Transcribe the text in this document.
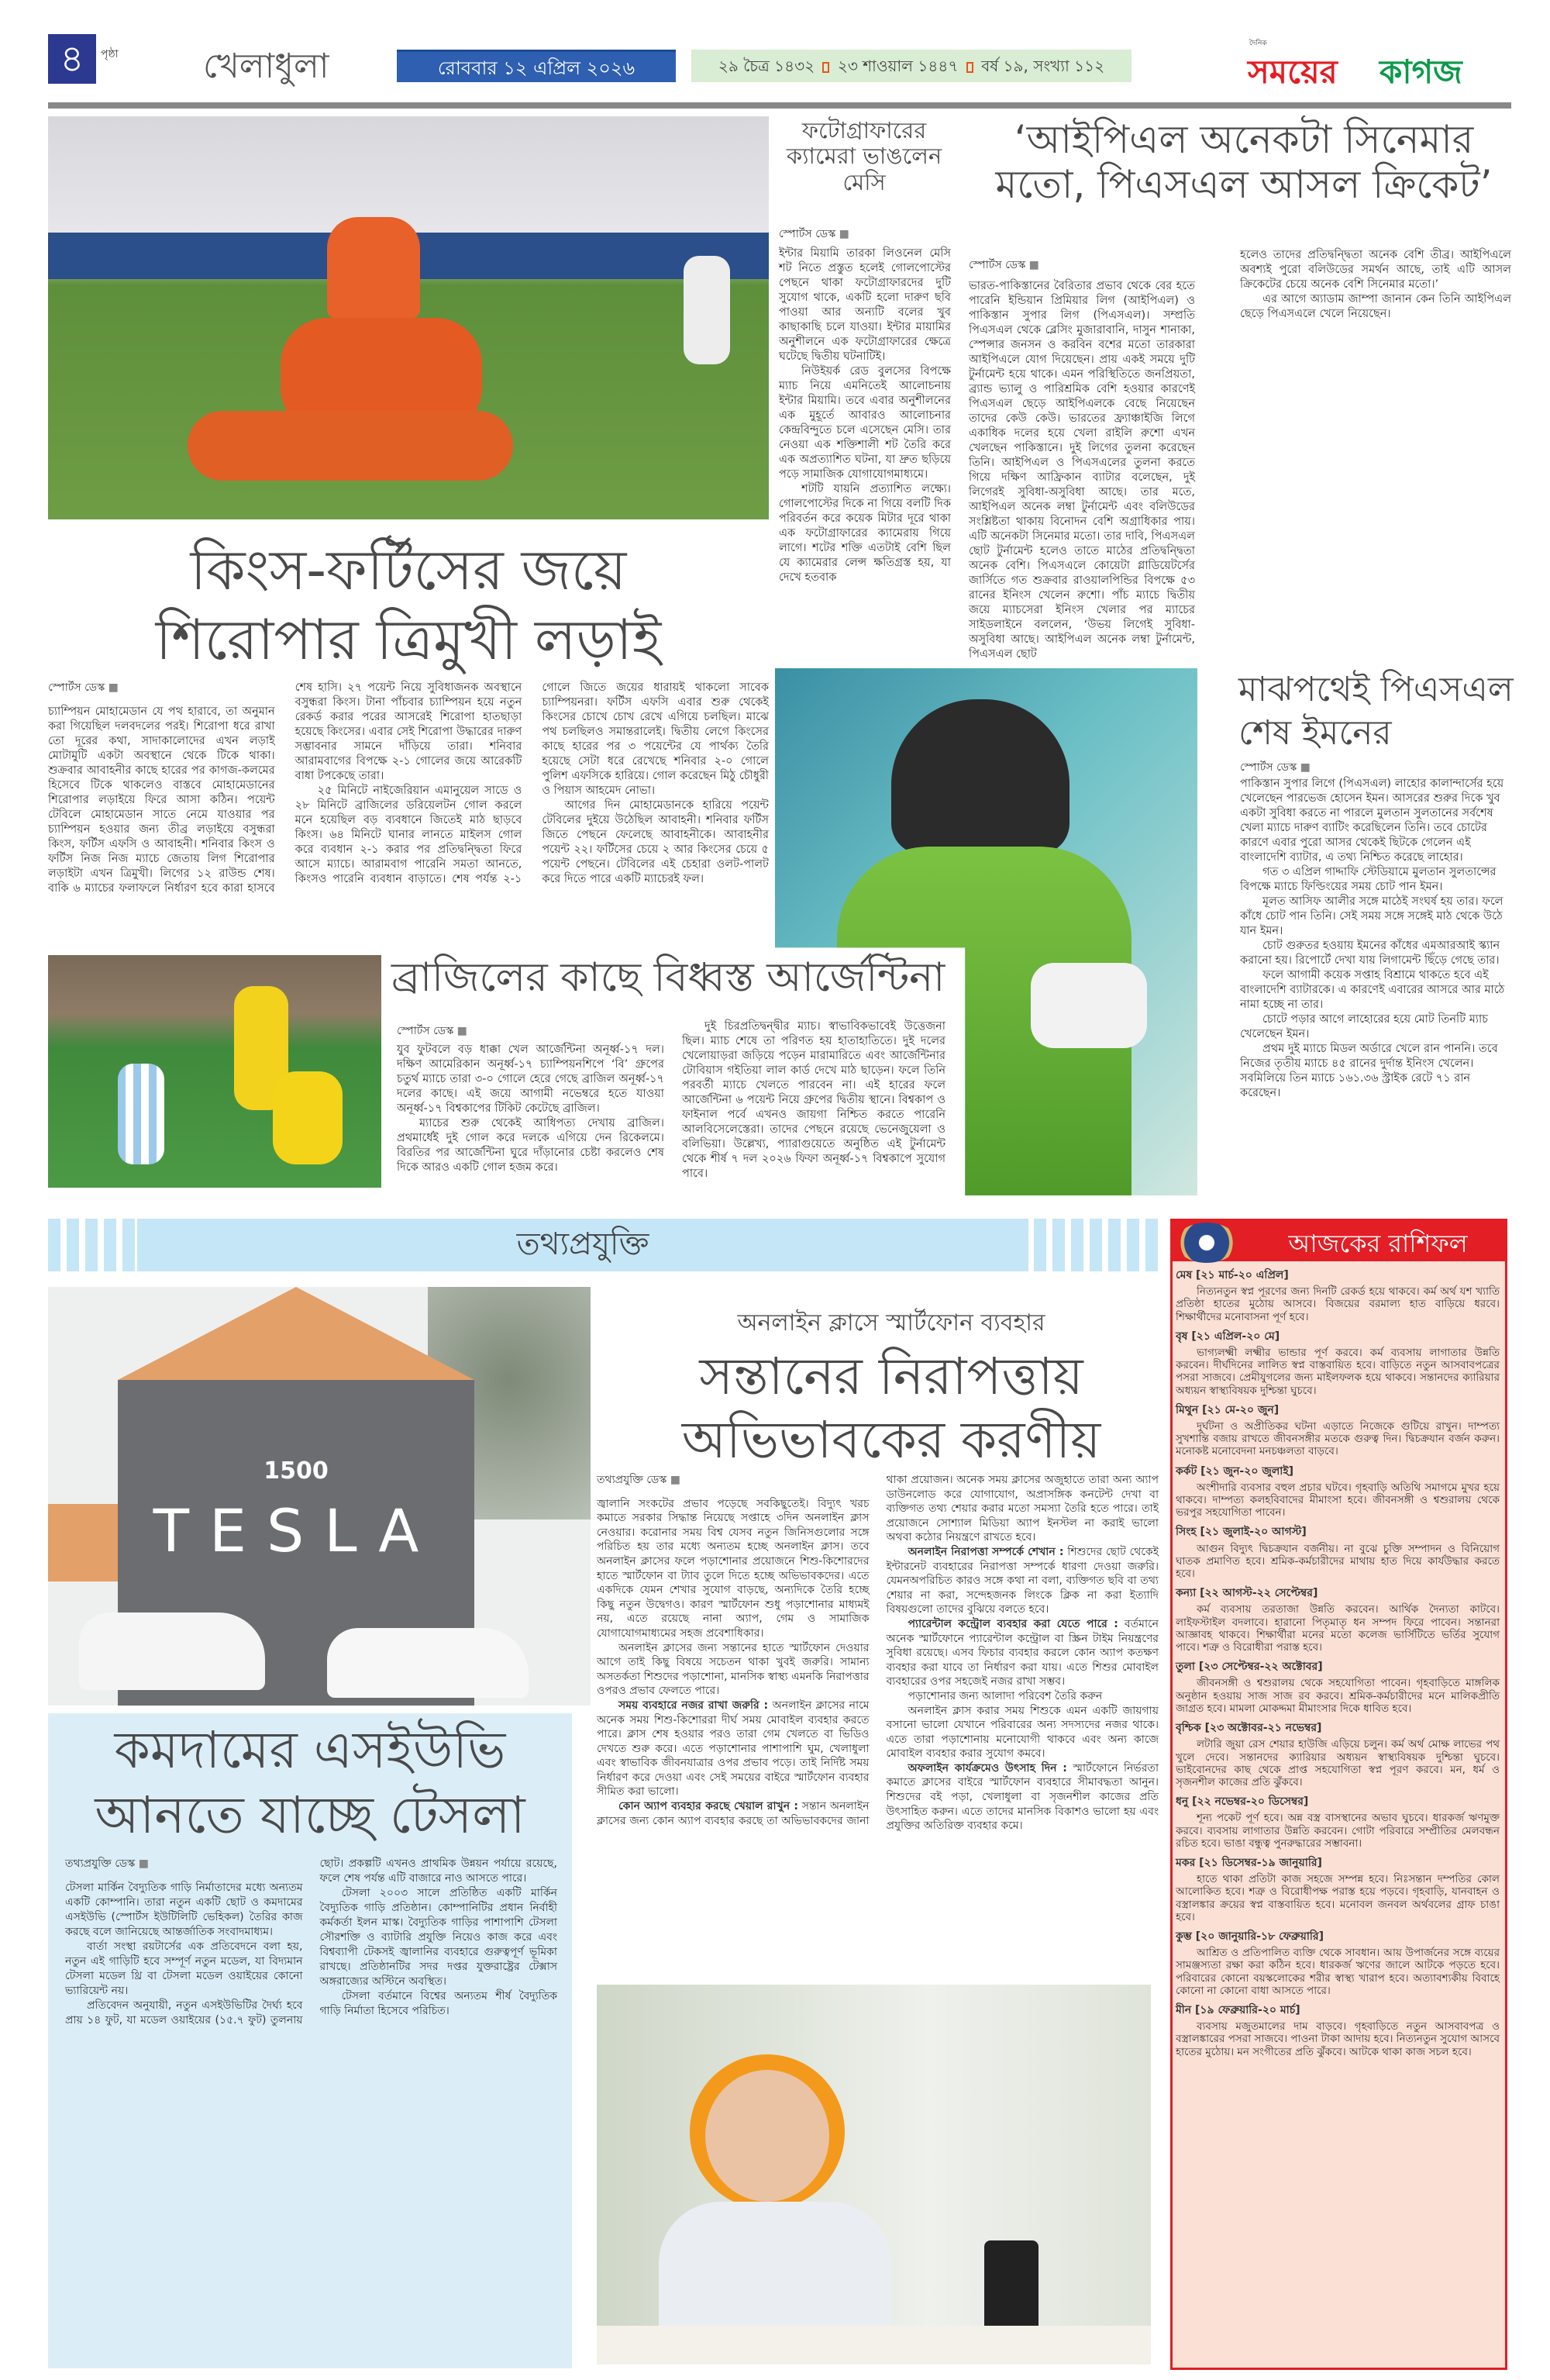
৪	পৃষ্ঠা খেলাধুলা	রোববার ১২ এপ্রিল ২০২৬	২৯ চৈত্র ১৪৩২ ২৩ শাওয়াল ১৪৪৭ বর্ষ ১৯, সংখ্যা ১১২
দৈনিক
সময়ের কাগজ
ফটোগ্রাফারের ক্যামেরা ভাঙলেন মেসি
স্পোর্টস ডেস্ক ■

ইন্টার মিয়ামি তারকা লিওনেল মেসি শট নিতে প্রস্তুত হলেই গোলপোস্টের পেছনে থাকা ফটোগ্রাফারদের দুটি সুযোগ থাকে, একটি হলো দারুণ ছবি পাওয়া আর অন্যটি বলের খুব কাছাকাছি চলে যাওয়া। ইন্টার মায়ামির অনুশীলনে এক ফটোগ্রাফারের ক্ষেত্রে ঘটেছে দ্বিতীয় ঘটনাটিই।

নিউইয়র্ক রেড বুলসের বিপক্ষে ম্যাচ নিয়ে এমনিতেই আলোচনায় ইন্টার মিয়ামি। তবে এবার অনুশীলনের এক মুহূর্তে আবারও আলোচনার কেন্দ্রবিন্দুতে চলে এসেছেন মেসি। তার নেওয়া এক শক্তিশালী শট তৈরি করে এক অপ্রত্যাশিত ঘটনা, যা দ্রুত ছড়িয়ে পড়ে সামাজিক যোগাযোগমাধ্যমে।

শটটি যায়নি প্রত্যাশিত লক্ষ্যে। গোলপোস্টের দিকে না গিয়ে বলটি দিক পরিবর্তন করে কয়েক মিটার দূরে থাকা এক ফটোগ্রাফারের ক্যামেরায় গিয়ে লাগে। শটের শক্তি এতটাই বেশি ছিল যে ক্যামেরার লেন্স ক্ষতিগ্রস্ত হয়, যা দেখে হতবাক

‘আইপিএল অনেকটা সিনেমার মতো, পিএসএল আসল ক্রিকেট’
স্পোর্টস ডেস্ক ■

ভারত-পাকিস্তানের বৈরিতার প্রভাব থেকে বের হতে পারেনি ইন্ডিয়ান প্রিমিয়ার লিগ (আইপিএল) ও পাকিস্তান সুপার লিগ (পিএসএল)। সম্প্রতি পিএসএল থেকে ব্লেসিং মুজারাবানি, দাসুন শানাকা, স্পেন্সার জনসন ও করবিন বশের মতো তারকারা আইপিএলে যোগ দিয়েছেন। প্রায় একই সময়ে দুটি টুর্নামেন্ট হয়ে থাকে। এমন পরিস্থিতিতে জনপ্রিয়তা, ব্র্যান্ড ভ্যালু ও পারিশ্রমিক বেশি হওয়ার কারণেই পিএসএল ছেড়ে আইপিএলকে বেছে নিয়েছেন তাদের কেউ কেউ। ভারতের ফ্র্যাঞ্চাইজি লিগে একাধিক দলের হয়ে খেলা রাইলি রুশো এখন খেলছেন পাকিস্তানে। দুই লিগের তুলনা করেছেন তিনি। আইপিএল ও পিএসএলের তুলনা করতে গিয়ে দক্ষিণ আফ্রিকান ব্যাটার বলেছেন, দুই লিগেরই সুবিধা-অসুবিধা আছে। তার মতে, আইপিএল অনেক লম্বা টুর্নামেন্ট এবং বলিউডের সংশ্লিষ্টতা থাকায় বিনোদন বেশি অগ্রাধিকার পায়। এটি অনেকটা সিনেমার মতো। তার দাবি, পিএসএল ছোট টুর্নামেন্ট হলেও তাতে মাঠের প্রতিদ্বন্দ্বিতা অনেক বেশি। পিএসএলে কোয়েটা গ্লাডিয়েটর্সের জার্সিতে গত শুক্রবার রাওয়ালপিন্ডির বিপক্ষে ৫৩ রানের ইনিংস খেলেন রুশো। পাঁচ ম্যাচে দ্বিতীয় জয়ে ম্যাচসেরা ইনিংস খেলার পর ম্যাচের সাইডলাইনে বললেন, ‘উভয় লিগেই সুবিধা-অসুবিধা আছে। আইপিএল অনেক লম্বা টুর্নামেন্ট, পিএসএল ছোট

হলেও তাদের প্রতিদ্বন্দ্বিতা অনেক বেশি তীব্র। আইপিএলে অবশ্যই পুরো বলিউডের সমর্থন আছে, তাই এটি আসল ক্রিকেটের চেয়ে অনেক বেশি সিনেমার মতো।’

এর আগে অ্যাডাম জাম্পা জানান কেন তিনি আইপিএল ছেড়ে পিএসএলে খেলে নিয়েছেন।

কিংস-ফর্টিসের জয়ে
শিরোপার ত্রিমুখী লড়াই
স্পোর্টস ডেস্ক ■

চ্যাম্পিয়ন মোহামেডান যে পথ হারাবে, তা অনুমান করা গিয়েছিল দলবদলের পরই। শিরোপা ধরে রাখা তো দূরের কথা, সাদাকালোদের এখন লড়াই মোটামুটি একটা অবস্থানে থেকে টিকে থাকা। শুক্রবার আবাহনীর কাছে হারের পর কাগজ-কলমের হিসেবে টিকে থাকলেও বাস্তবে মোহামেডানের শিরোপার লড়াইয়ে ফিরে আসা কঠিন। পয়েন্ট টেবিলে মোহামেডান সাতে নেমে যাওয়ার পর চ্যাম্পিয়ন হওয়ার জন্য তীব্র লড়াইয়ে বসুন্ধরা কিংস, ফর্টিস এফসি ও আবাহনী। শনিবার কিংস ও ফর্টিস নিজ নিজ ম্যাচে জেতায় লিগ শিরোপার লড়াইটা এখন ত্রিমুখী। লিগের ১২ রাউন্ড শেষ। বাকি ৬ ম্যাচের ফলাফলে নির্ধারণ হবে কারা হাসবে শেষ হাসি। ২৭ পয়েন্ট নিয়ে সুবিধাজনক অবস্থানে বসুন্ধরা কিংস। টানা পাঁচবার চ্যাম্পিয়ন হয়ে নতুন রেকর্ড করার পরের আসরেই শিরোপা হাতছাড়া হয়েছে কিংসের। এবার সেই শিরোপা উদ্ধারের দারুণ সম্ভাবনার সামনে দাঁড়িয়ে তারা। শনিবার আরামবাগের বিপক্ষে ২-১ গোলের জয়ে আরেকটি বাধা টপকেছে তারা।

২৫ মিনিটে নাইজেরিয়ান এমানুয়েল সাডে ও ২৮ মিনিটে ব্রাজিলের ডরিয়েলটন গোল করলে মনে হয়েছিল বড় ব্যবধানে জিতেই মাঠ ছাড়বে কিংস। ৬৪ মিনিটে ঘানার লানতে মাইলস গোল করে ব্যবধান ২-১ করার পর প্রতিদ্বন্দ্বিতা ফিরে আসে ম্যাচে। আরামবাগ পারেনি সমতা আনতে, কিংসও পারেনি ব্যবধান বাড়াতে। শেষ পর্যন্ত ২-১ গোলে জিতে জয়ের ধারায়ই থাকলো সাবেক চ্যাম্পিয়নরা। ফর্টিস এফসি এবার শুরু থেকেই কিংসের চোখে চোখ রেখে এগিয়ে চলছিল। মাঝে পথ চলছিলও সমান্তরালেই। দ্বিতীয় লেগে কিংসের কাছে হারের পর ৩ পয়েন্টের যে পার্থক্য তৈরি হয়েছে সেটা ধরে রেখেছে শনিবার ২-০ গোলে পুলিশ এফসিকে হারিয়ে। গোল করেছেন মিঠু চৌধুরী ও পিয়াস আহমেদ নোভা।

আগের দিন মোহামেডানকে হারিয়ে পয়েন্ট টেবিলের দুইয়ে উঠেছিল আবাহনী। শনিবার ফর্টিস জিতে পেছনে ফেলেছে আবাহনীকে। আবাহনীর পয়েন্ট ২২। ফর্টিসের চেয়ে ২ আর কিংসের চেয়ে ৫ পয়েন্ট পেছনে। টেবিলের এই চেহারা ওলট-পালট করে দিতে পারে একটি ম্যাচেরই ফল।

ব্রাজিলের কাছে বিধ্বস্ত আর্জেন্টিনা
স্পোর্টস ডেস্ক ■

যুব ফুটবলে বড় ধাক্কা খেল আর্জেন্টিনা অনূর্ধ্ব-১৭ দল। দক্ষিণ আমেরিকান অনূর্ধ্ব-১৭ চ্যাম্পিয়নশিপে ‘বি’ গ্রুপের চতুর্থ ম্যাচে তারা ৩-০ গোলে হেরে গেছে ব্রাজিল অনূর্ধ্ব-১৭ দলের কাছে। এই জয়ে আগামী নভেম্বরে হতে যাওয়া অনূর্ধ্ব-১৭ বিশ্বকাপের টিকিট কেটেছে ব্রাজিল।

ম্যাচের শুরু থেকেই আধিপত্য দেখায় ব্রাজিল। প্রথমার্ধেই দুই গোল করে দলকে এগিয়ে দেন রিকেলমে। বিরতির পর আর্জেন্টিনা ঘুরে দাঁড়ানোর চেষ্টা করলেও শেষ দিকে আরও একটি গোল হজম করে।

দুই চিরপ্রতিদ্বন্দ্বীর ম্যাচ। স্বাভাবিকভাবেই উত্তেজনা ছিল। ম্যাচ শেষে তা পরিণত হয় হাতাহাতিতে। দুই দলের খেলোয়াড়রা জড়িয়ে পড়েন মারামারিতে এবং আর্জেন্টিনার টোবিয়াস গইতিয়া লাল কার্ড দেখে মাঠ ছাড়েন। ফলে তিনি পরবর্তী ম্যাচে খেলতে পারবেন না। এই হারের ফলে আর্জেন্টিনা ৬ পয়েন্ট নিয়ে গ্রুপের দ্বিতীয় স্থানে। বিশ্বকাপ ও ফাইনাল পর্বে এখনও জায়গা নিশ্চিত করতে পারেনি আলবিসেলেস্তেরা। তাদের পেছনে রয়েছে ভেনেজুয়েলা ও বলিভিয়া। উল্লেখ্য, প্যারাগুয়েতে অনুষ্ঠিত এই টুর্নামেন্ট থেকে শীর্ষ ৭ দল ২০২৬ ফিফা অনূর্ধ্ব-১৭ বিশ্বকাপে সুযোগ পাবে।

মাঝপথেই পিএসএল শেষ ইমনের
স্পোর্টস ডেস্ক ■

পাকিস্তান সুপার লিগে (পিএসএল) লাহোর কালান্দার্সের হয়ে খেলেছেন পারভেজ হোসেন ইমন। আসরের শুরুর দিকে খুব একটা সুবিধা করতে না পারলে মুলতান সুলতানের সর্বশেষ খেলা ম্যাচে দারুণ ব্যাটিং করেছিলেন তিনি। তবে চোটের কারণে এবার পুরো আসর থেকেই ছিটকে গেলেন এই বাংলাদেশি ব্যাটার, এ তথ্য নিশ্চিত করেছে লাহোর।

গত ৩ এপ্রিল গাদ্দাফি স্টেডিয়ামে মুলতান সুলতান্সের বিপক্ষে ম্যাচে ফিল্ডিংয়ের সময় চোট পান ইমন।

মূলত আসিফ আলীর সঙ্গে মাঠেই সংঘর্ষ হয় তার। ফলে কাঁধে চোট পান তিনি। সেই সময় সঙ্গে সঙ্গেই মাঠ থেকে উঠে যান ইমন।

চোট গুরুতর হওয়ায় ইমনের কাঁধের এমআরআই স্ক্যান করানো হয়। রিপোর্টে দেখা যায় লিগামেন্ট ছিঁড়ে গেছে তার।

ফলে আগামী কয়েক সপ্তাহ বিশ্রামে থাকতে হবে এই বাংলাদেশি ব্যাটারকে। এ কারণেই এবারের আসরে আর মাঠে নামা হচ্ছে না তার।

চোটে পড়ার আগে লাহোরের হয়ে মোট তিনটি ম্যাচ খেলেছেন ইমন।

প্রথম দুই ম্যাচে মিডল অর্ডারে খেলে রান পাননি। তবে নিজের তৃতীয় ম্যাচে ৪৫ রানের দুর্দান্ত ইনিংস খেলেন। সবমিলিয়ে তিন ম্যাচে ১৬১.৩৬ স্ট্রাইক রেটে ৭১ রান করেছেন।

তথ্যপ্রযুক্তি
1500
TESLA
অনলাইন ক্লাসে স্মার্টফোন ব্যবহার
সন্তানের নিরাপত্তায়
অভিভাবকের করণীয়
তথ্যপ্রযুক্তি ডেস্ক ■

জ্বালানি সংকটের প্রভাব পড়েছে সবকিছুতেই। বিদ্যুৎ খরচ কমাতে সরকার সিদ্ধান্ত নিয়েছে সপ্তাহে ৩দিন অনলাইন ক্লাস নেওয়ার। করোনার সময় বিশ্ব যেসব নতুন জিনিসগুলোর সঙ্গে পরিচিত হয় তার মধ্যে অন্যতম হচ্ছে অনলাইন ক্লাস। তবে অনলাইন ক্লাসের ফলে পড়াশোনার প্রয়োজনে শিশু-কিশোরদের হাতে স্মার্টফোন বা ট্যাব তুলে দিতে হচ্ছে অভিভাবকদের। এতে একদিকে যেমন শেখার সুযোগ বাড়ছে, অন্যদিকে তৈরি হচ্ছে কিছু নতুন উদ্বেগও। কারণ স্মার্টফোন শুধু পড়াশোনার মাধ্যমই নয়, এতে রয়েছে নানা অ্যাপ, গেম ও সামাজিক যোগাযোগমাধ্যমের সহজ প্রবেশাধিকার।

অনলাইন ক্লাসের জন্য সন্তানের হাতে স্মার্টফোন দেওয়ার আগে তাই কিছু বিষয়ে সচেতন থাকা খুবই জরুরি। সামান্য অসতর্কতা শিশুদের পড়াশোনা, মানসিক স্বাস্থ্য এমনকি নিরাপত্তার ওপরও প্রভাব ফেলতে পারে।

সময় ব্যবহারে নজর রাখা জরুরি : অনলাইন ক্লাসের নামে অনেক সময় শিশু-কিশোররা দীর্ঘ সময় মোবাইল ব্যবহার করতে পারে। ক্লাস শেষ হওয়ার পরও তারা গেম খেলতে বা ভিডিও দেখতে শুরু করে। এতে পড়াশোনার পাশাপাশি ঘুম, খেলাধুলা এবং স্বাভাবিক জীবনযাত্রার ওপর প্রভাব পড়ে। তাই নির্দিষ্ট সময় নির্ধারণ করে দেওয়া এবং সেই সময়ের বাইরে স্মার্টফোন ব্যবহার সীমিত করা ভালো।

কোন অ্যাপ ব্যবহার করছে খেয়াল রাখুন : সন্তান অনলাইন ক্লাসের জন্য কোন অ্যাপ ব্যবহার করছে তা অভিভাবকদের জানা থাকা প্রয়োজন। অনেক সময় ক্লাসের অজুহাতে তারা অন্য অ্যাপ ডাউনলোড করে যোগাযোগ, অপ্রাসঙ্গিক কনটেন্ট দেখা বা ব্যক্তিগত তথ্য শেয়ার করার মতো সমস্যা তৈরি হতে পারে। তাই প্রয়োজনে সোশ্যাল মিডিয়া অ্যাপ ইনস্টল না করাই ভালো অথবা কঠোর নিয়ন্ত্রণে রাখতে হবে।

অনলাইন নিরাপত্তা সম্পর্কে শেখান : শিশুদের ছোট থেকেই ইন্টারনেট ব্যবহারের নিরাপত্তা সম্পর্কে ধারণা দেওয়া জরুরি। যেমনঅপরিচিত কারও সঙ্গে কথা না বলা, ব্যক্তিগত ছবি বা তথ্য শেয়ার না করা, সন্দেহজনক লিংকে ক্লিক না করা ইত্যাদি বিষয়গুলো তাদের বুঝিয়ে বলতে হবে।

প্যারেন্টাল কন্ট্রোল ব্যবহার করা যেতে পারে : বর্তমানে অনেক স্মার্টফোনে প্যারেন্টাল কন্ট্রোল বা স্ক্রিন টাইম নিয়ন্ত্রণের সুবিধা রয়েছে। এসব ফিচার ব্যবহার করলে কোন অ্যাপ কতক্ষণ ব্যবহার করা যাবে তা নির্ধারণ করা যায়। এতে শিশুর মোবাইল ব্যবহারের ওপর সহজেই নজর রাখা সম্ভব।

পড়াশোনার জন্য আলাদা পরিবেশ তৈরি করুন

অনলাইন ক্লাস করার সময় শিশুকে এমন একটি জায়গায় বসানো ভালো যেখানে পরিবারের অন্য সদস্যদের নজর থাকে। এতে তারা পড়াশোনায় মনোযোগী থাকবে এবং অন্য কাজে মোবাইল ব্যবহার করার সুযোগ কমবে।

অফলাইন কার্যক্রমেও উৎসাহ দিন : স্মার্টফোনে নির্ভরতা কমাতে ক্লাসের বাইরে স্মার্টফোন ব্যবহারে সীমাবদ্ধতা আনুন। শিশুদের বই পড়া, খেলাধুলা বা সৃজনশীল কাজের প্রতি উৎসাহিত করুন। এতে তাদের মানসিক বিকাশও ভালো হয় এবং প্রযুক্তির অতিরিক্ত ব্যবহার কমে।

কমদামের এসইউভি
আনতে যাচ্ছে টেসলা
তথ্যপ্রযুক্তি ডেস্ক ■

টেসলা মার্কিন বৈদ্যুতিক গাড়ি নির্মাতাদের মধ্যে অন্যতম একটি কোম্পানি। তারা নতুন একটি ছোট ও কমদামের এসইউভি (স্পোর্টস ইউটিলিটি ভেহিকল) তৈরির কাজ করছে বলে জানিয়েছে আন্তর্জাতিক সংবাদমাধ্যম।

বার্তা সংস্থা রয়টার্সের এক প্রতিবেদনে বলা হয়, নতুন এই গাড়িটি হবে সম্পূর্ণ নতুন মডেল, যা বিদ্যমান টেসলা মডেল থ্রি বা টেসলা মডেল ওয়াইয়ের কোনো ভ্যারিয়েন্ট নয়।

প্রতিবেদন অনুযায়ী, নতুন এসইউভিটির দৈর্ঘ্য হবে প্রায় ১৪ ফুট, যা মডেল ওয়াইয়ের (১৫.৭ ফুট) তুলনায় ছোট। প্রকল্পটি এখনও প্রাথমিক উন্নয়ন পর্যায়ে রয়েছে, ফলে শেষ পর্যন্ত এটি বাজারে নাও আসতে পারে।

টেসলা ২০০৩ সালে প্রতিষ্ঠিত একটি মার্কিন বৈদ্যুতিক গাড়ি প্রতিষ্ঠান। কোম্পানিটির প্রধান নির্বাহী কর্মকর্তা ইলন মাস্ক। বৈদ্যুতিক গাড়ির পাশাপাশি টেসলা সৌরশক্তি ও ব্যাটারি প্রযুক্তি নিয়েও কাজ করে এবং বিশ্বব্যাপী টেকসই জ্বালানির ব্যবহারে গুরুত্বপূর্ণ ভূমিকা রাখছে। প্রতিষ্ঠানটির সদর দপ্তর যুক্তরাষ্ট্রের টেক্সাস অঙ্গরাজ্যের অস্টিনে অবস্থিত।

টেসলা বর্তমানে বিশ্বের অন্যতম শীর্ষ বৈদ্যুতিক গাড়ি নির্মাতা হিসেবে পরিচিত।

আজকের রাশিফল
মেষ [২১ মার্চ-২০ এপ্রিল]
নিত্যনতুন স্বপ্ন পূরণের জন্য দিনটি রেকর্ড হয়ে থাকবে। কর্ম অর্থ যশ খ্যাতি প্রতিষ্ঠা হাতের মুঠোয় আসবে। বিজয়ের বরমাল্য হাত বাড়িয়ে ধরবে। শিক্ষার্থীদের মনোবাসনা পূর্ণ হবে।
বৃষ [২১ এপ্রিল-২০ মে]
ভাগ্যলক্ষ্মী লক্ষ্মীর ভান্ডার পূর্ণ করবে। কর্ম ব্যবসায় লাগাতার উন্নতি করবেন। দীর্ঘদিনের লালিত স্বপ্ন বাস্তবায়িত হবে। বাড়িতে নতুন আসবাবপত্রের পসরা সাজবে। প্রেমীযুগলের জন্য মাইলফলক হয়ে থাকবে। সন্তানদের ক্যারিয়ার অধ্যয়ন স্বাস্থ্যবিষয়ক দুশ্চিন্তা ঘুচবে।
মিথুন [২১ মে-২০ জুন]
দুর্ঘটনা ও অপ্রীতিকর ঘটনা এড়াতে নিজেকে গুটিয়ে রাখুন। দাম্পত্য সুখশান্তি বজায় রাখতে জীবনসঙ্গীর মতকে গুরুত্ব দিন। দ্বিচক্রযান বর্জন করুন। মনোকষ্ট মনোবেদনা মনচঞ্চলতা বাড়বে।
কর্কট [২১ জুন-২০ জুলাই]
অংশীদারি ব্যবসার বহুল প্রচার ঘটবে। গৃহবাড়ি অতিথি সমাগমে মুখর হয়ে থাকবে। দাম্পত্য কলহবিবাদের মীমাংসা হবে। জীবনসঙ্গী ও শ্বশুরালয় থেকে ভরপুর সহযোগিতা পাবেন।
সিংহ [২১ জুলাই-২০ আগস্ট]
আগুন বিদ্যুৎ দ্বিচক্রযান বর্জনীয়। না বুঝে চুক্তি সম্পাদন ও বিনিয়োগ ঘাতক প্রমাণিত হবে। শ্রমিক-কর্মচারীদের মাথায় হাত দিয়ে কার্যউদ্ধার করতে হবে।
কন্যা [২২ আগস্ট-২২ সেপ্টেম্বর]
কর্ম ব্যবসায় তরতাজা উন্নতি করবেন। আর্থিক দৈন্যতা কাটবে। লাইফস্টাইল বদলাবে। হারানো পিতৃমাতৃ ধন সম্পদ ফিরে পাবেন। সন্তানরা আজ্ঞাবহ থাকবে। শিক্ষার্থীরা মনের মতো কলেজ ভার্সিটিতে ভর্তির সুযোগ পাবে। শত্রু ও বিরোধীরা পরাস্ত হবে।
তুলা [২৩ সেপ্টেম্বর-২২ অক্টোবর]
জীবনসঙ্গী ও শ্বশুরালয় থেকে সহযোগিতা পাবেন। গৃহবাড়িতে মাঙ্গলিক অনুষ্ঠান হওয়ায় সাজ সাজ রব করবে। শ্রমিক-কর্মচারীদের মনে মালিকপ্রীতি জাগ্রত হবে। মামলা মোকদ্দমা মীমাংসার দিকে ধাবিত হবে।
বৃশ্চিক [২৩ অক্টোবর-২১ নভেম্বর]
লটারি জুয়া রেস শেয়ার হাউজি এড়িয়ে চলুন। কর্ম অর্থ মোক্ষ লাভের পথ খুলে দেবে। সন্তানদের ক্যারিয়ার অধ্যয়ন স্বাস্থ্যবিষয়ক দুশ্চিন্তা ঘুচবে। ভাইবোনদের কাছ থেকে প্রাপ্ত সহযোগিতা স্বপ্ন পূরণ করবে। মন, ধর্ম ও সৃজনশীল কাজের প্রতি ঝুঁকবে।
ধনু [২২ নভেম্বর-২০ ডিসেম্বর]
শূন্য পকেট পূর্ণ হবে। অন্ন বস্ত্র বাসস্থানের অভাব ঘুচবে। ধারকর্জ ঋণমুক্ত করবে। ব্যবসায় লাগাতার উন্নতি করবেন। গোটা পরিবারে সম্প্রীতির মেলবন্ধন রচিত হবে। ভাঙা বন্ধুত্ব পুনরুদ্ধারের সম্ভাবনা।
মকর [২১ ডিসেম্বর-১৯ জানুয়ারি]
হাতে থাকা প্রতিটা কাজ সহজে সম্পন্ন হবে। নিঃসন্তান দম্পতির কোল আলোকিত হবে। শত্রু ও বিরোধীপক্ষ পরাস্ত হয়ে পড়বে। গৃহবাড়ি, যানবাহন ও বস্ত্রালঙ্কার ক্রয়ের স্বপ্ন বাস্তবায়িত হবে। মনোবল জনবল অর্থবলের গ্রাফ চাঙা হবে।
কুম্ভ [২০ জানুয়ারি-১৮ ফেব্রুয়ারি]
আশ্রিত ও প্রতিপালিত ব্যক্তি থেকে সাবধান। আয় উপার্জনের সঙ্গে ব্যয়ের সামঞ্জস্যতা রক্ষা করা কঠিন হবে। ধারকর্জ ঋণের জালে আটকে পড়তে হবে। পরিবারের কোনো বয়স্কলোকের শরীর স্বাস্থ্য খারাপ হবে। অত্যাবশ্যকীয় বিবাহে কোনো না কোনো বাধা আসতে পারে।
মীন [১৯ ফেব্রুয়ারি-২০ মার্চ]
ব্যবসায় মজুতমালের দাম বাড়বে। গৃহবাড়িতে নতুন আসবাবপত্র ও বস্ত্রালঙ্কারের পসরা সাজবে। পাওনা টাকা আদায় হবে। নিত্যনতুন সুযোগ আসবে হাতের মুঠোয়। মন সংগীতের প্রতি ঝুঁকবে। আটকে থাকা কাজ সচল হবে।
